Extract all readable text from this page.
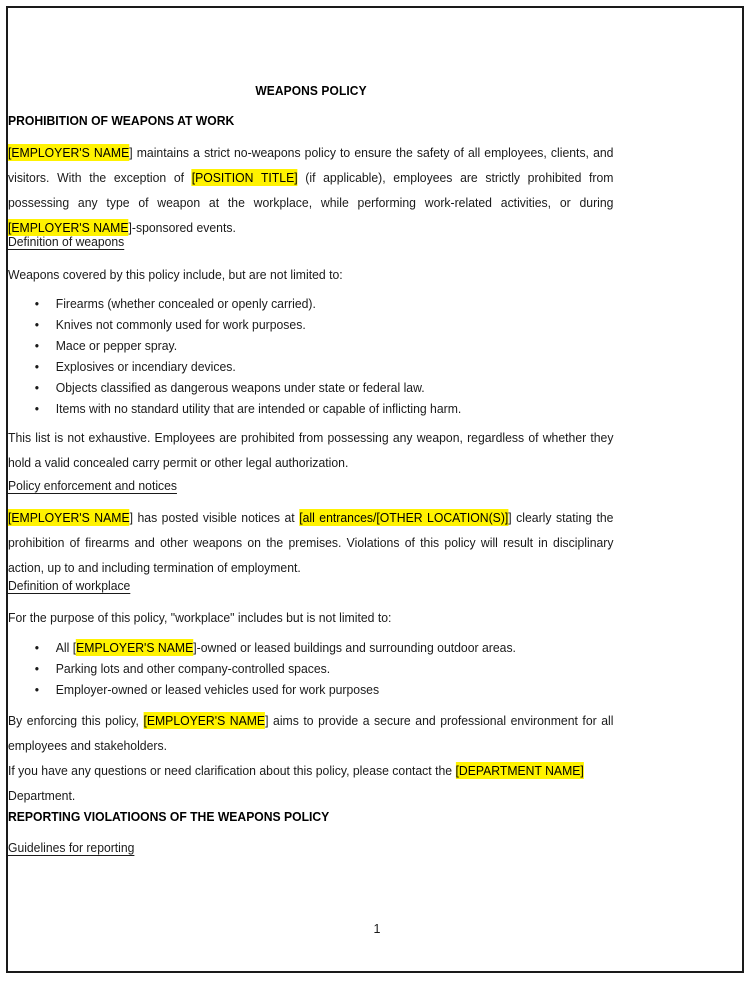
WEAPONS POLICY
PROHIBITION OF WEAPONS AT WORK

[EMPLOYER'S NAME] maintains a strict no-weapons policy to ensure the safety of all employees, clients, and visitors. With the exception of [POSITION TITLE] (if applicable), employees are strictly prohibited from possessing any type of weapon at the workplace, while performing work-related activities, or during [EMPLOYER'S NAME]-sponsored events.

Definition of weapons

Weapons covered by this policy include, but are not limited to:

• Firearms (whether concealed or openly carried).
• Knives not commonly used for work purposes.
• Mace or pepper spray.
• Explosives or incendiary devices.
• Objects classified as dangerous weapons under state or federal law.
• Items with no standard utility that are intended or capable of inflicting harm.

This list is not exhaustive. Employees are prohibited from possessing any weapon, regardless of whether they hold a valid concealed carry permit or other legal authorization.

Policy enforcement and notices

[EMPLOYER'S NAME] has posted visible notices at [all entrances/[OTHER LOCATION(S)]] clearly stating the prohibition of firearms and other weapons on the premises. Violations of this policy will result in disciplinary action, up to and including termination of employment.

Definition of workplace

For the purpose of this policy, "workplace" includes but is not limited to:

• All [EMPLOYER'S NAME]-owned or leased buildings and surrounding outdoor areas.
• Parking lots and other company-controlled spaces.
• Employer-owned or leased vehicles used for work purposes

By enforcing this policy, [EMPLOYER'S NAME] aims to provide a secure and professional environment for all employees and stakeholders.

If you have any questions or need clarification about this policy, please contact the [DEPARTMENT NAME] Department.

REPORTING VIOLATIOONS OF THE WEAPONS POLICY
Guidelines for reporting
1
